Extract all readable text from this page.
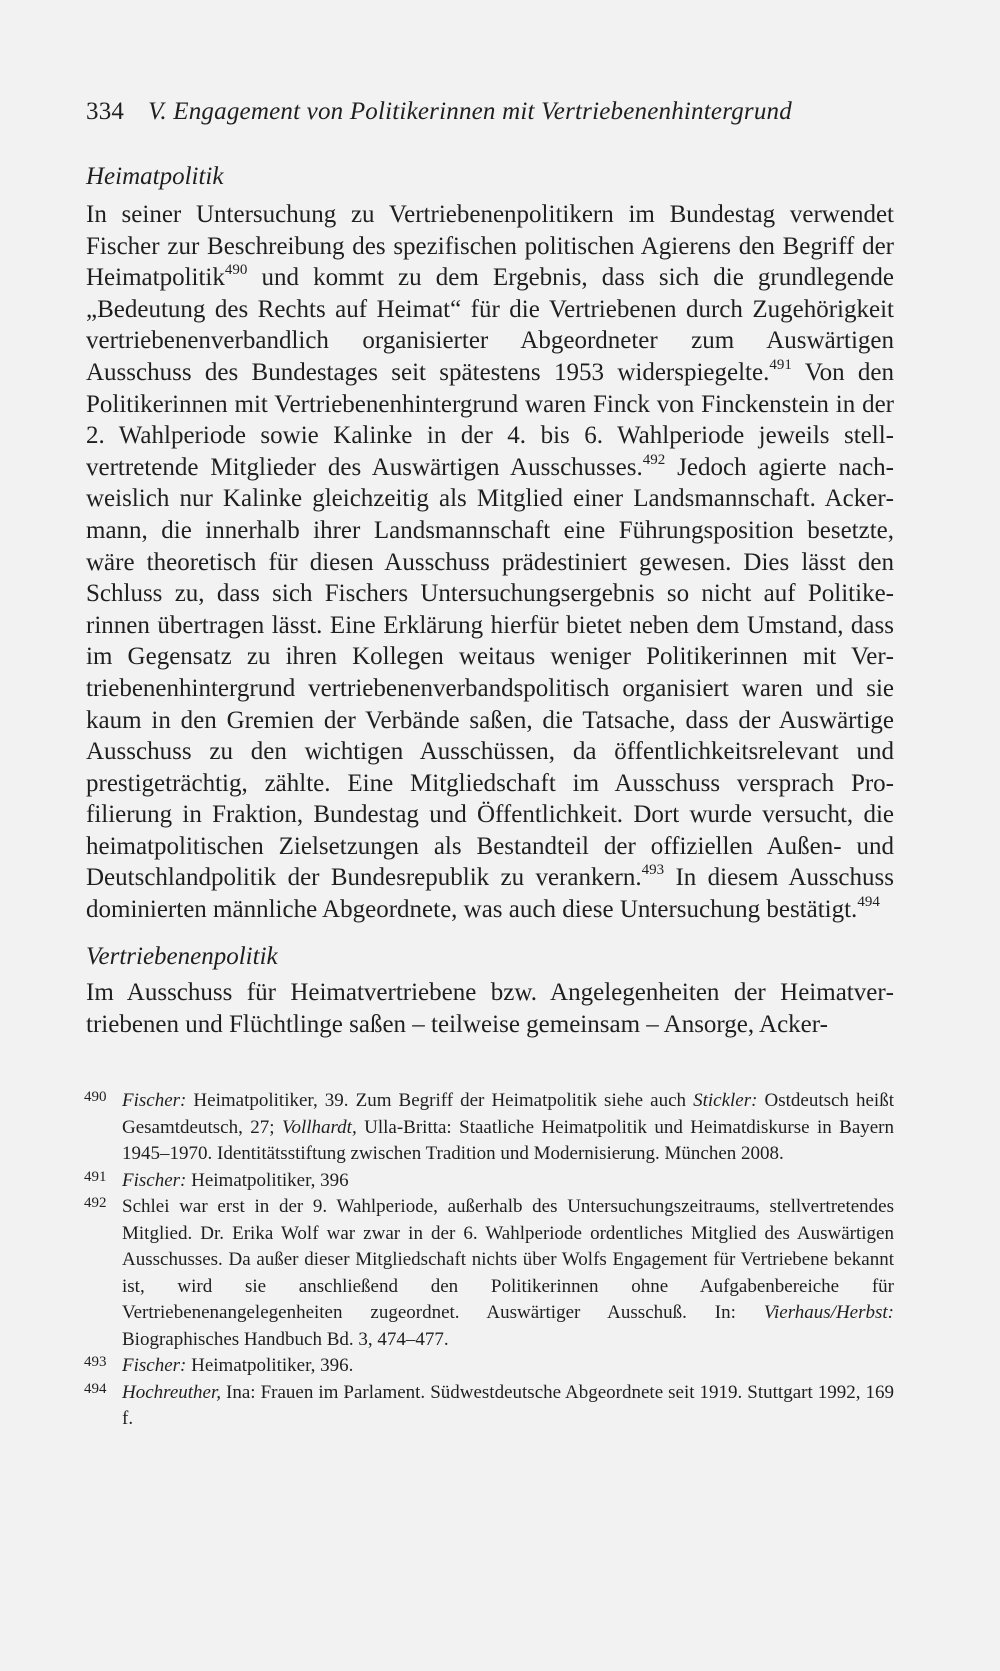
334 V. Engagement von Politikerinnen mit Vertriebenenhintergrund

Heimatpolitik

In seiner Untersuchung zu Vertriebenenpolitikern im Bundestag verwendet Fischer zur Beschreibung des spezifischen politischen Agierens den Begriff der Heimatpolitik$^{490}$ und kommt zu dem Ergebnis, dass sich die grundlegende „Bedeutung des Rechts auf Heimat“ für die Vertriebenen durch Zugehörigkeit vertriebenenverbandlich organisierter Abgeordneter zum Auswärtigen Ausschuss des Bundestages seit spätestens 1953 widerspiegelte.$^{491}$ Von den Politikerinnen mit Vertriebenenhintergrund waren Finck von Finckenstein in der 2. Wahlperiode sowie Kalinke in der 4. bis 6. Wahlperiode jeweils stellvertretende Mitglieder des Auswärtigen Ausschusses.$^{492}$ Jedoch agierte nachweislich nur Kalinke gleichzeitig als Mitglied einer Landsmannschaft. Ackermann, die innerhalb ihrer Landsmannschaft eine Führungsposition besetzte, wäre theoretisch für diesen Ausschuss prädestiniert gewesen. Dies lässt den Schluss zu, dass sich Fischers Untersuchungsergebnis so nicht auf Politikerinnen übertragen lässt. Eine Erklärung hierfür bietet neben dem Umstand, dass im Gegensatz zu ihren Kollegen weitaus weniger Politikerinnen mit Vertriebenenhintergrund vertriebenenverbandspolitisch organisiert waren und sie kaum in den Gremien der Verbände saßen, die Tatsache, dass der Auswärtige Ausschuss zu den wichtigen Ausschüssen, da öffentlichkeitsrelevant und prestigeträchtig, zählte. Eine Mitgliedschaft im Ausschuss versprach Profilierung in Fraktion, Bundestag und Öffentlichkeit. Dort wurde versucht, die heimatpolitischen Zielsetzungen als Bestandteil der offiziellen Außen- und Deutschlandpolitik der Bundesrepublik zu verankern.$^{493}$ In diesem Ausschuss dominierten männliche Abgeordnete, was auch diese Untersuchung bestätigt.$^{494}$

Vertriebenenpolitik

Im Ausschuss für Heimatvertriebene bzw. Angelegenheiten der Heimatvertriebenen und Flüchtlinge saßen – teilweise gemeinsam – Ansorge, Acker-

490 Fischer: Heimatpolitiker, 39. Zum Begriff der Heimatpolitik siehe auch Stickler: Ostdeutsch heißt Gesamtdeutsch, 27; Vollhardt, Ulla-Britta: Staatliche Heimatpolitik und Heimatdiskurse in Bayern 1945–1970. Identitätsstiftung zwischen Tradition und Modernisierung. München 2008.

491 Fischer: Heimatpolitiker, 396

492 Schlei war erst in der 9. Wahlperiode, außerhalb des Untersuchungszeitraums, stellvertretendes Mitglied. Dr. Erika Wolf war zwar in der 6. Wahlperiode ordentliches Mitglied des Auswärtigen Ausschusses. Da außer dieser Mitgliedschaft nichts über Wolfs Engagement für Vertriebene bekannt ist, wird sie anschließend den Politikerinnen ohne Aufgabenbereiche für Vertriebenenangelegenheiten zugeordnet. Auswärtiger Ausschuß. In: Vierhaus/Herbst: Biographisches Handbuch Bd. 3, 474–477.

493 Fischer: Heimatpolitiker, 396.

494 Hochreuther, Ina: Frauen im Parlament. Südwestdeutsche Abgeordnete seit 1919. Stuttgart 1992, 169 f.
